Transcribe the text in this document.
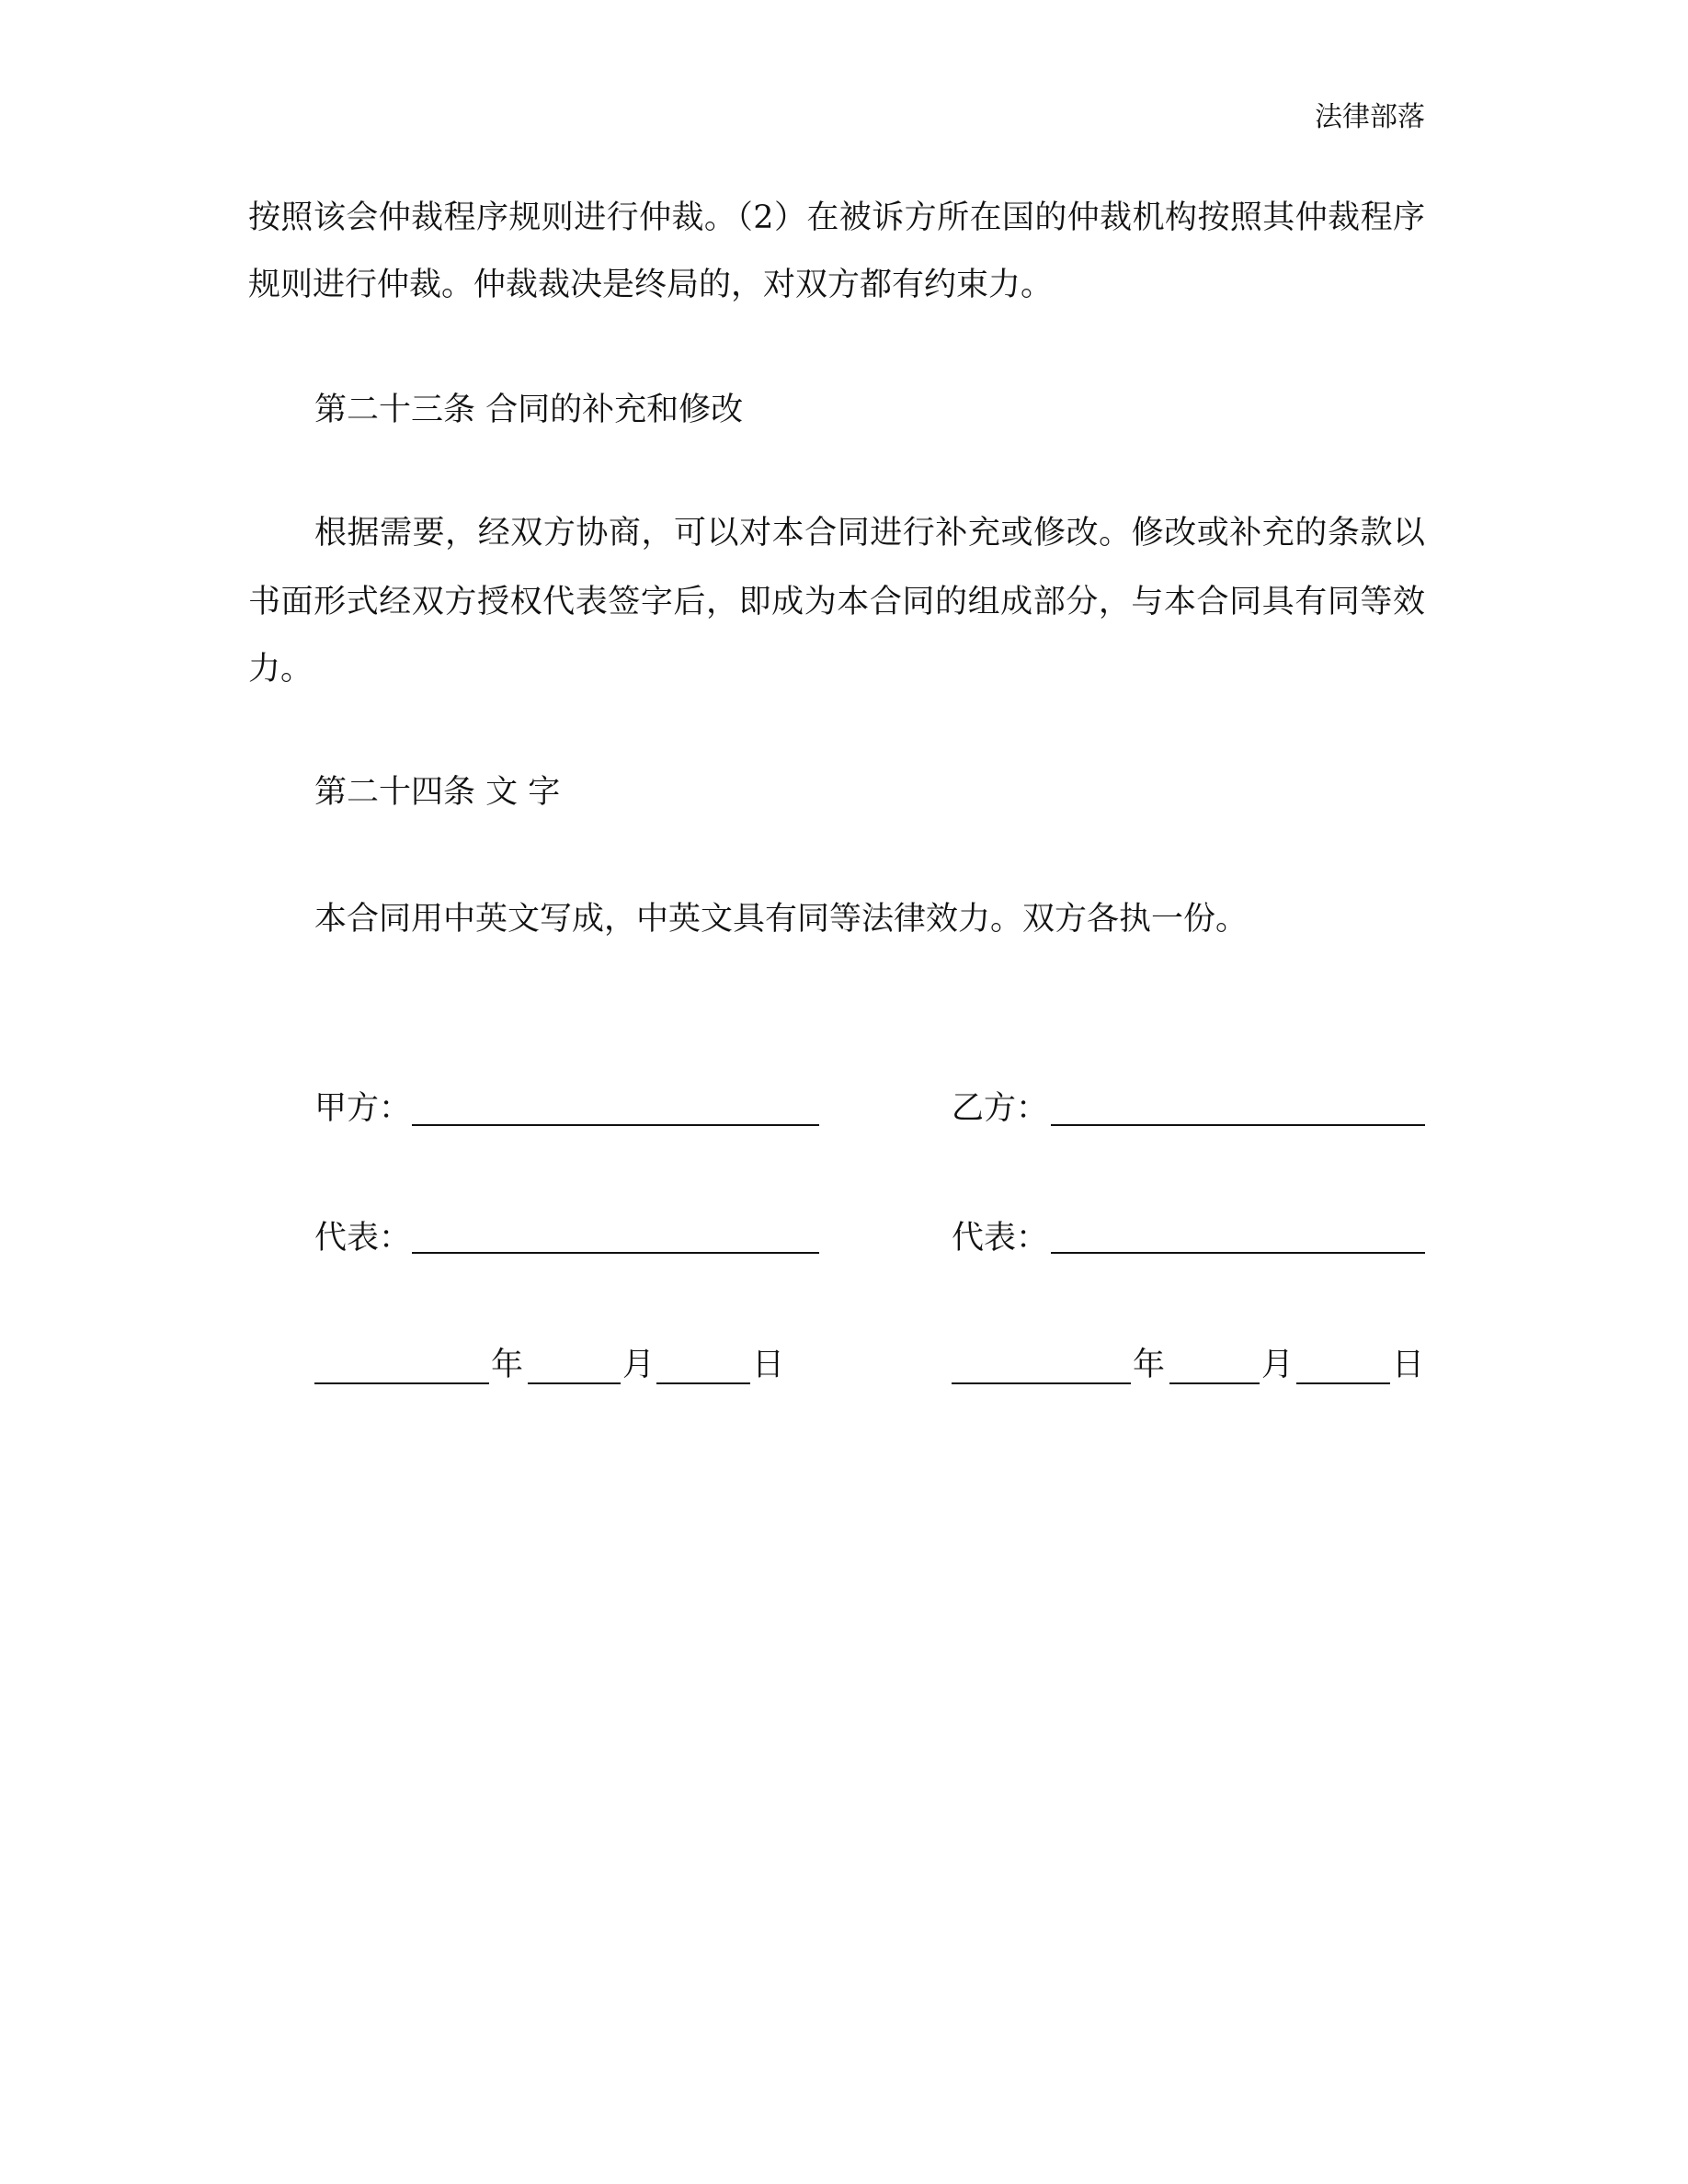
法律部落
按照该会仲裁程序规则进行仲裁。（2）在被诉方所在国的仲裁机构按照其仲裁程序
规则进行仲裁。仲裁裁决是终局的，对双方都有约束力。
第二十三条 合同的补充和修改
根据需要，经双方协商，可以对本合同进行补充或修改。修改或补充的条款以
书面形式经双方授权代表签字后，即成为本合同的组成部分，与本合同具有同等效
力。
第二十四条 文 字
本合同用中英文写成，中英文具有同等法律效力。双方各执一份。
甲方：	乙方：
代表：	代表：
年	月	日	年	月	日
